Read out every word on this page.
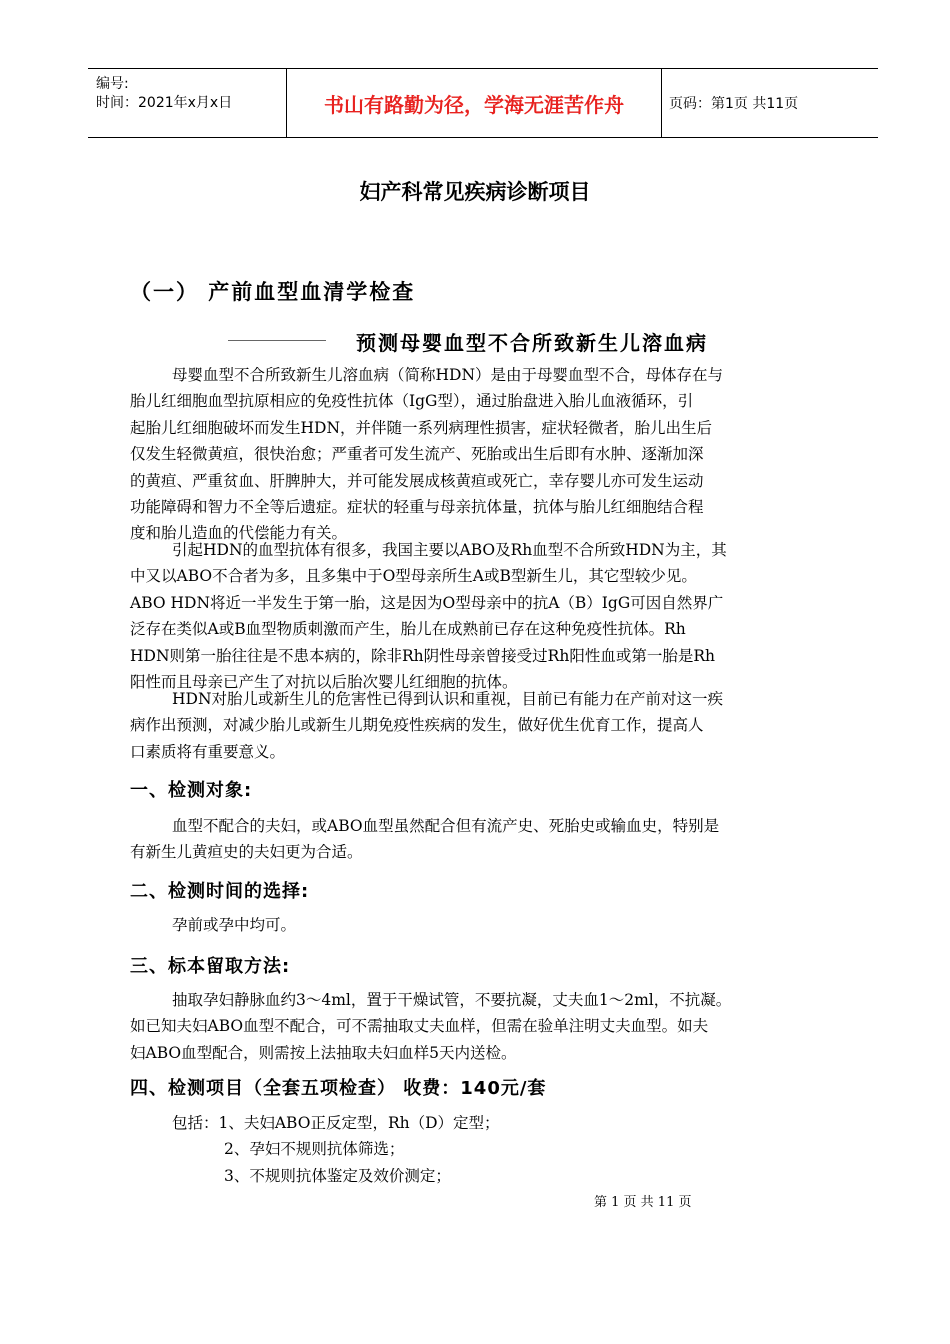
编号:
时间：2021年x月x日	书山有路勤为径，学海无涯苦作舟	页码：第1页 共11页
妇产科常见疾病诊断项目
（一） 产前血型血清学检查
预测母婴血型不合所致新生儿溶血病
母婴血型不合所致新生儿溶血病（简称HDN）是由于母婴血型不合，母体存在与
胎儿红细胞血型抗原相应的免疫性抗体（IgG型），通过胎盘进入胎儿血液循环，引
起胎儿红细胞破坏而发生HDN，并伴随一系列病理性损害，症状轻微者，胎儿出生后
仅发生轻微黄疸，很快治愈；严重者可发生流产、死胎或出生后即有水肿、逐渐加深
的黄疸、严重贫血、肝脾肿大，并可能发展成核黄疸或死亡，幸存婴儿亦可发生运动
功能障碍和智力不全等后遗症。症状的轻重与母亲抗体量，抗体与胎儿红细胞结合程
度和胎儿造血的代偿能力有关。
引起HDN的血型抗体有很多，我国主要以ABO及Rh血型不合所致HDN为主，其
中又以ABO不合者为多，且多集中于O型母亲所生A或B型新生儿，其它型较少见。
ABO HDN将近一半发生于第一胎，这是因为O型母亲中的抗A（B）IgG可因自然界广
泛存在类似A或B血型物质刺激而产生，胎儿在成熟前已存在这种免疫性抗体。Rh
HDN则第一胎往往是不患本病的，除非Rh阴性母亲曾接受过Rh阳性血或第一胎是Rh
阳性而且母亲已产生了对抗以后胎次婴儿红细胞的抗体。
HDN对胎儿或新生儿的危害性已得到认识和重视，目前已有能力在产前对这一疾
病作出预测，对减少胎儿或新生儿期免疫性疾病的发生，做好优生优育工作，提高人
口素质将有重要意义。
一、检测对象:
血型不配合的夫妇，或ABO血型虽然配合但有流产史、死胎史或输血史，特别是
有新生儿黄疸史的夫妇更为合适。
二、检测时间的选择:
孕前或孕中均可。
三、标本留取方法:
抽取孕妇静脉血约3～4ml，置于干燥试管，不要抗凝，丈夫血1～2ml，不抗凝。
如已知夫妇ABO血型不配合，可不需抽取丈夫血样，但需在验单注明丈夫血型。如夫
妇ABO血型配合，则需按上法抽取夫妇血样5天内送检。
四、检测项目（全套五项检查） 收费：140元/套
包括：1、夫妇ABO正反定型，Rh（D）定型；
2、孕妇不规则抗体筛选；
3、不规则抗体鉴定及效价测定；
第 1 页 共 11 页
